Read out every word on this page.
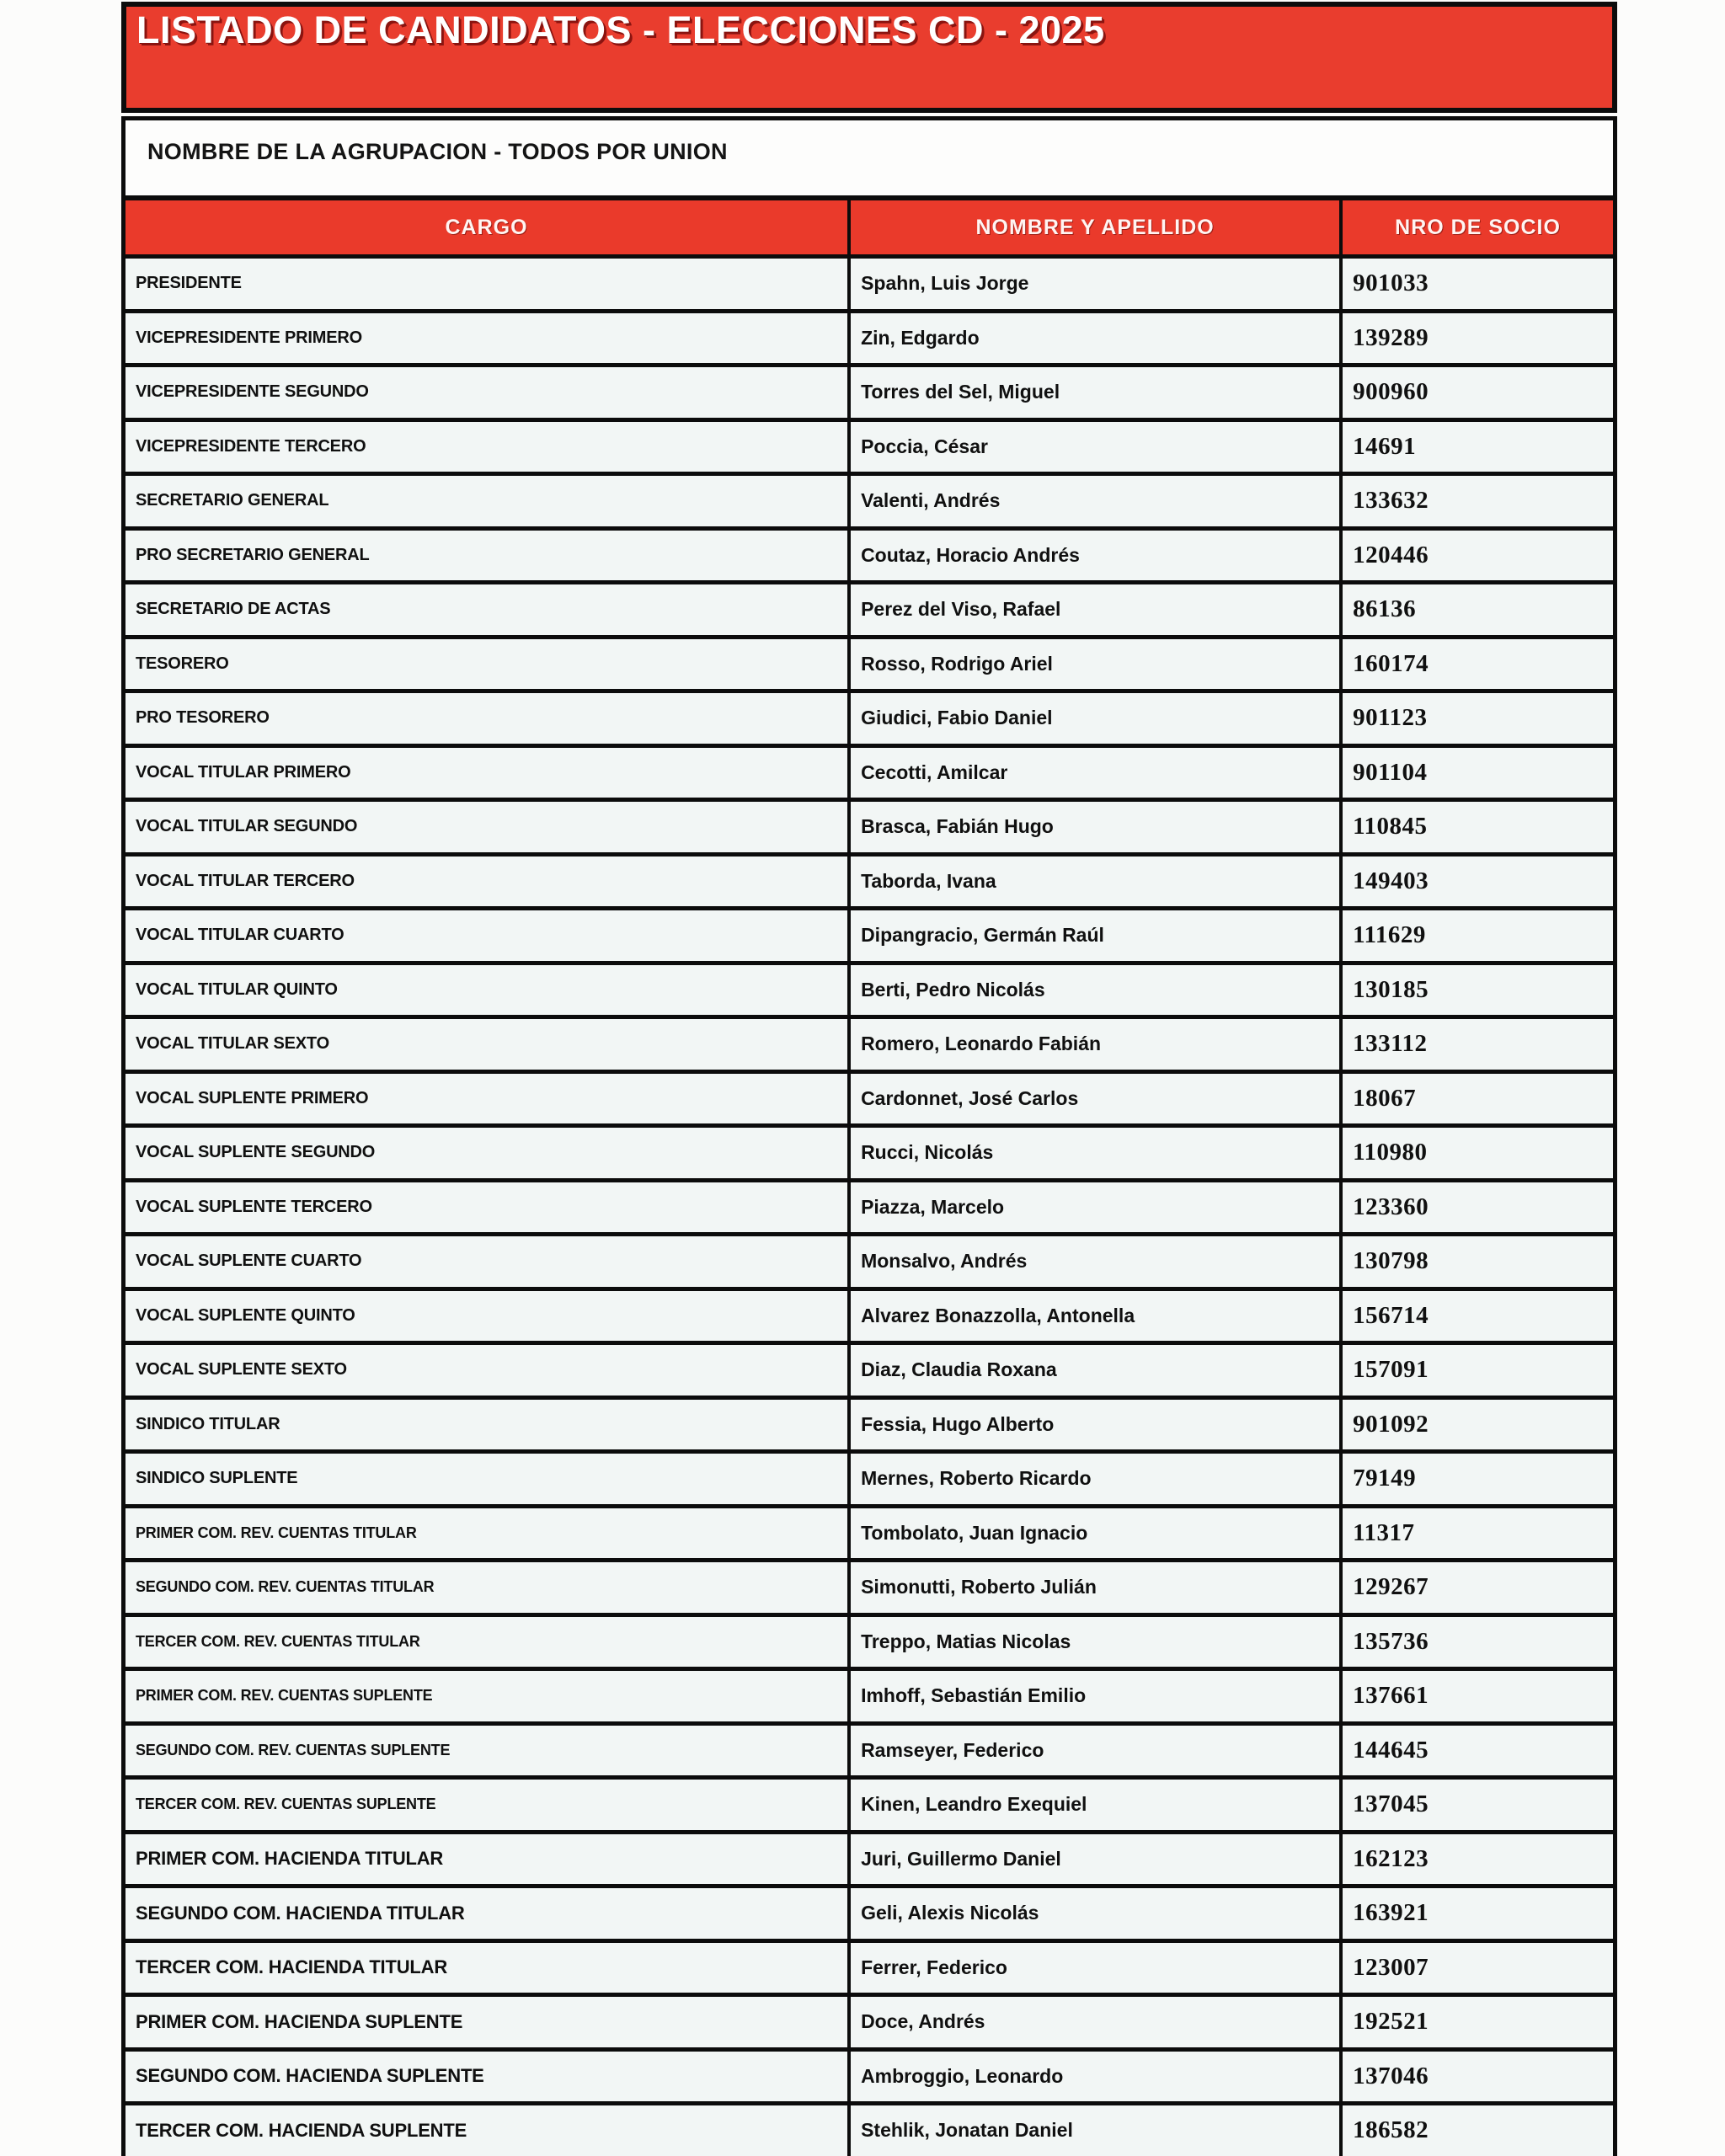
LISTADO DE CANDIDATOS - ELECCIONES CD - 2025
NOMBRE DE LA AGRUPACION - TODOS POR UNION
CARGO	NOMBRE Y APELLIDO	NRO DE SOCIO
PRESIDENTE	Spahn, Luis Jorge	901033
VICEPRESIDENTE PRIMERO	Zin, Edgardo	139289
VICEPRESIDENTE SEGUNDO	Torres del Sel, Miguel	900960
VICEPRESIDENTE TERCERO	Poccia, César	14691
SECRETARIO GENERAL	Valenti, Andrés	133632
PRO SECRETARIO GENERAL	Coutaz, Horacio Andrés	120446
SECRETARIO DE ACTAS	Perez del Viso, Rafael	86136
TESORERO	Rosso, Rodrigo Ariel	160174
PRO TESORERO	Giudici, Fabio Daniel	901123
VOCAL TITULAR PRIMERO	Cecotti, Amilcar	901104
VOCAL TITULAR SEGUNDO	Brasca, Fabián Hugo	110845
VOCAL TITULAR TERCERO	Taborda, Ivana	149403
VOCAL TITULAR CUARTO	Dipangracio, Germán Raúl	111629
VOCAL TITULAR QUINTO	Berti, Pedro Nicolás	130185
VOCAL TITULAR SEXTO	Romero, Leonardo Fabián	133112
VOCAL SUPLENTE PRIMERO	Cardonnet, José Carlos	18067
VOCAL SUPLENTE SEGUNDO	Rucci, Nicolás	110980
VOCAL SUPLENTE TERCERO	Piazza, Marcelo	123360
VOCAL SUPLENTE CUARTO	Monsalvo, Andrés	130798
VOCAL SUPLENTE QUINTO	Alvarez Bonazzolla, Antonella	156714
VOCAL SUPLENTE SEXTO	Diaz, Claudia Roxana	157091
SINDICO TITULAR	Fessia, Hugo Alberto	901092
SINDICO SUPLENTE	Mernes, Roberto Ricardo	79149
PRIMER COM. REV. CUENTAS TITULAR	Tombolato, Juan Ignacio	11317
SEGUNDO COM. REV. CUENTAS TITULAR	Simonutti, Roberto Julián	129267
TERCER COM. REV. CUENTAS TITULAR	Treppo, Matias Nicolas	135736
PRIMER COM. REV. CUENTAS SUPLENTE	Imhoff, Sebastián Emilio	137661
SEGUNDO COM. REV. CUENTAS SUPLENTE	Ramseyer, Federico	144645
TERCER COM. REV. CUENTAS SUPLENTE	Kinen, Leandro Exequiel	137045
PRIMER COM. HACIENDA TITULAR	Juri, Guillermo Daniel	162123
SEGUNDO COM. HACIENDA TITULAR	Geli, Alexis Nicolás	163921
TERCER COM. HACIENDA TITULAR	Ferrer, Federico	123007
PRIMER COM. HACIENDA SUPLENTE	Doce, Andrés	192521
SEGUNDO COM. HACIENDA SUPLENTE	Ambroggio, Leonardo	137046
TERCER COM. HACIENDA SUPLENTE	Stehlik, Jonatan Daniel	186582
